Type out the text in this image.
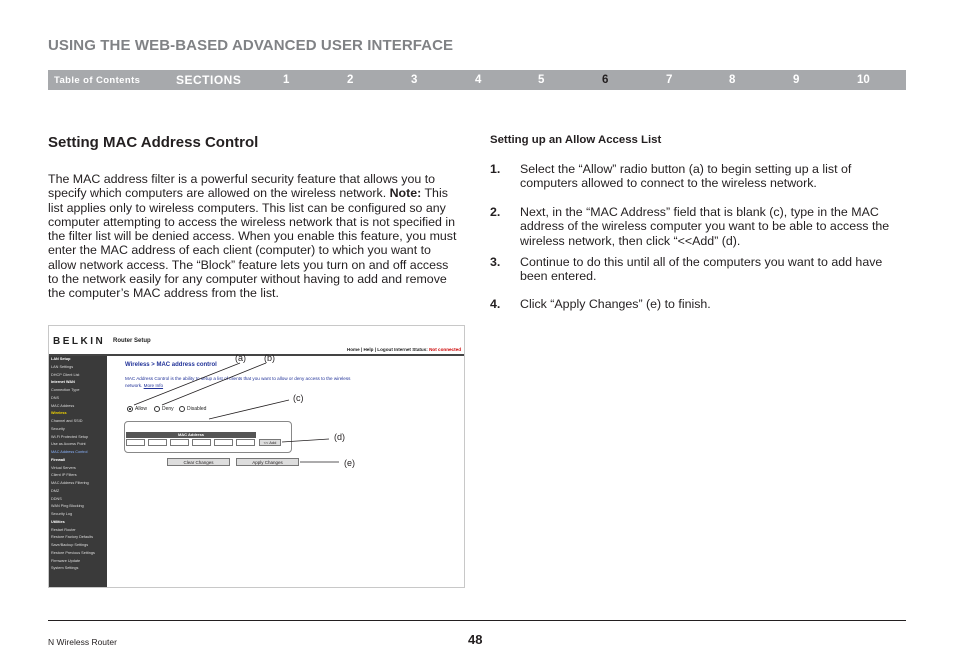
USING THE WEB-BASED ADVANCED USER INTERFACE
Table of Contents	SECTIONS	1	2	3	4	5	6	7	8	9	10
Setting MAC Address Control
The MAC address filter is a powerful security feature that allows you to specify which computers are allowed on the wireless network. Note: This list applies only to wireless computers. This list can be configured so any computer attempting to access the wireless network that is not specified in the filter list will be denied access. When you enable this feature, you must enter the MAC address of each client (computer) to which you want to allow network access. The “Block” feature lets you turn on and off access to the network easily for any computer without having to add and remove the computer’s MAC address from the list.
Setting up an Allow Access List
1. Select the “Allow” radio button (a) to begin setting up a list of computers allowed to connect to the wireless network.
2. Next, in the “MAC Address” field that is blank (c), type in the MAC address of the wireless computer you want to be able to access the wireless network, then click “<<Add” (d).
3. Continue to do this until all of the computers you want to add have been entered.
4. Click “Apply Changes” (e) to finish.
BELKIN Router Setup
Home | Help | Logout Internet Status: Not connected
LAN Setup
LAN Settings
DHCP Client List
Internet WAN
Connection Type
DNS
MAC Address
Wireless
Channel and SSID
Security
Wi-Fi Protected Setup
Use as Access Point
MAC Address Control
Firewall
Virtual Servers
Client IP Filters
MAC Address Filtering
DMZ
DDNS
WAN Ping Blocking
Security Log
Utilities
Restart Router
Restore Factory Defaults
Save/Backup Settings
Restore Previous Settings
Firmware Update
System Settings
Wireless > MAC address control
MAC Address Control is the ability to setup a list of clients that you want to allow or deny access to the wireless network. More Info
Allow	Deny	Disabled
MAC Address
<< Add
Clear Changes	Apply Changes
(a) (b)
(c)
(d)
(e)
N Wireless Router	48
